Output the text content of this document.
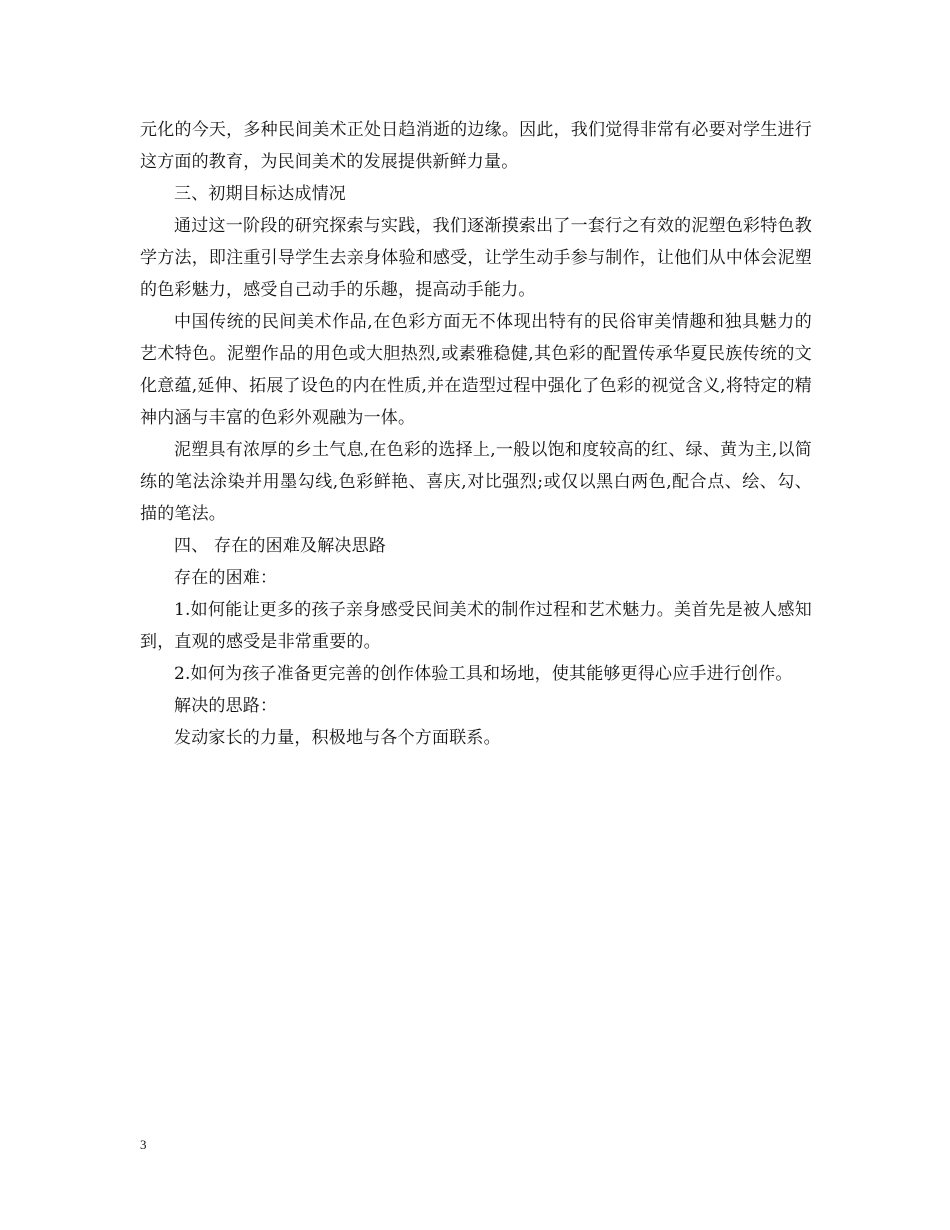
元化的今天，多种民间美术正处日趋消逝的边缘。因此，我们觉得非常有必要对学生进行这方面的教育，为民间美术的发展提供新鲜力量。

三、初期目标达成情况

通过这一阶段的研究探索与实践，我们逐渐摸索出了一套行之有效的泥塑色彩特色教学方法，即注重引导学生去亲身体验和感受，让学生动手参与制作，让他们从中体会泥塑的色彩魅力，感受自己动手的乐趣，提高动手能力。

中国传统的民间美术作品,在色彩方面无不体现出特有的民俗审美情趣和独具魅力的艺术特色。泥塑作品的用色或大胆热烈,或素雅稳健,其色彩的配置传承华夏民族传统的文化意蕴,延伸、拓展了设色的内在性质,并在造型过程中强化了色彩的视觉含义,将特定的精神内涵与丰富的色彩外观融为一体。

泥塑具有浓厚的乡土气息,在色彩的选择上,一般以饱和度较高的红、绿、黄为主,以简练的笔法涂染并用墨勾线,色彩鲜艳、喜庆,对比强烈;或仅以黑白两色,配合点、绘、勾、描的笔法。

四、 存在的困难及解决思路

存在的困难：

1.如何能让更多的孩子亲身感受民间美术的制作过程和艺术魅力。美首先是被人感知到，直观的感受是非常重要的。

2.如何为孩子准备更完善的创作体验工具和场地，使其能够更得心应手进行创作。

解决的思路：

发动家长的力量，积极地与各个方面联系。

3
